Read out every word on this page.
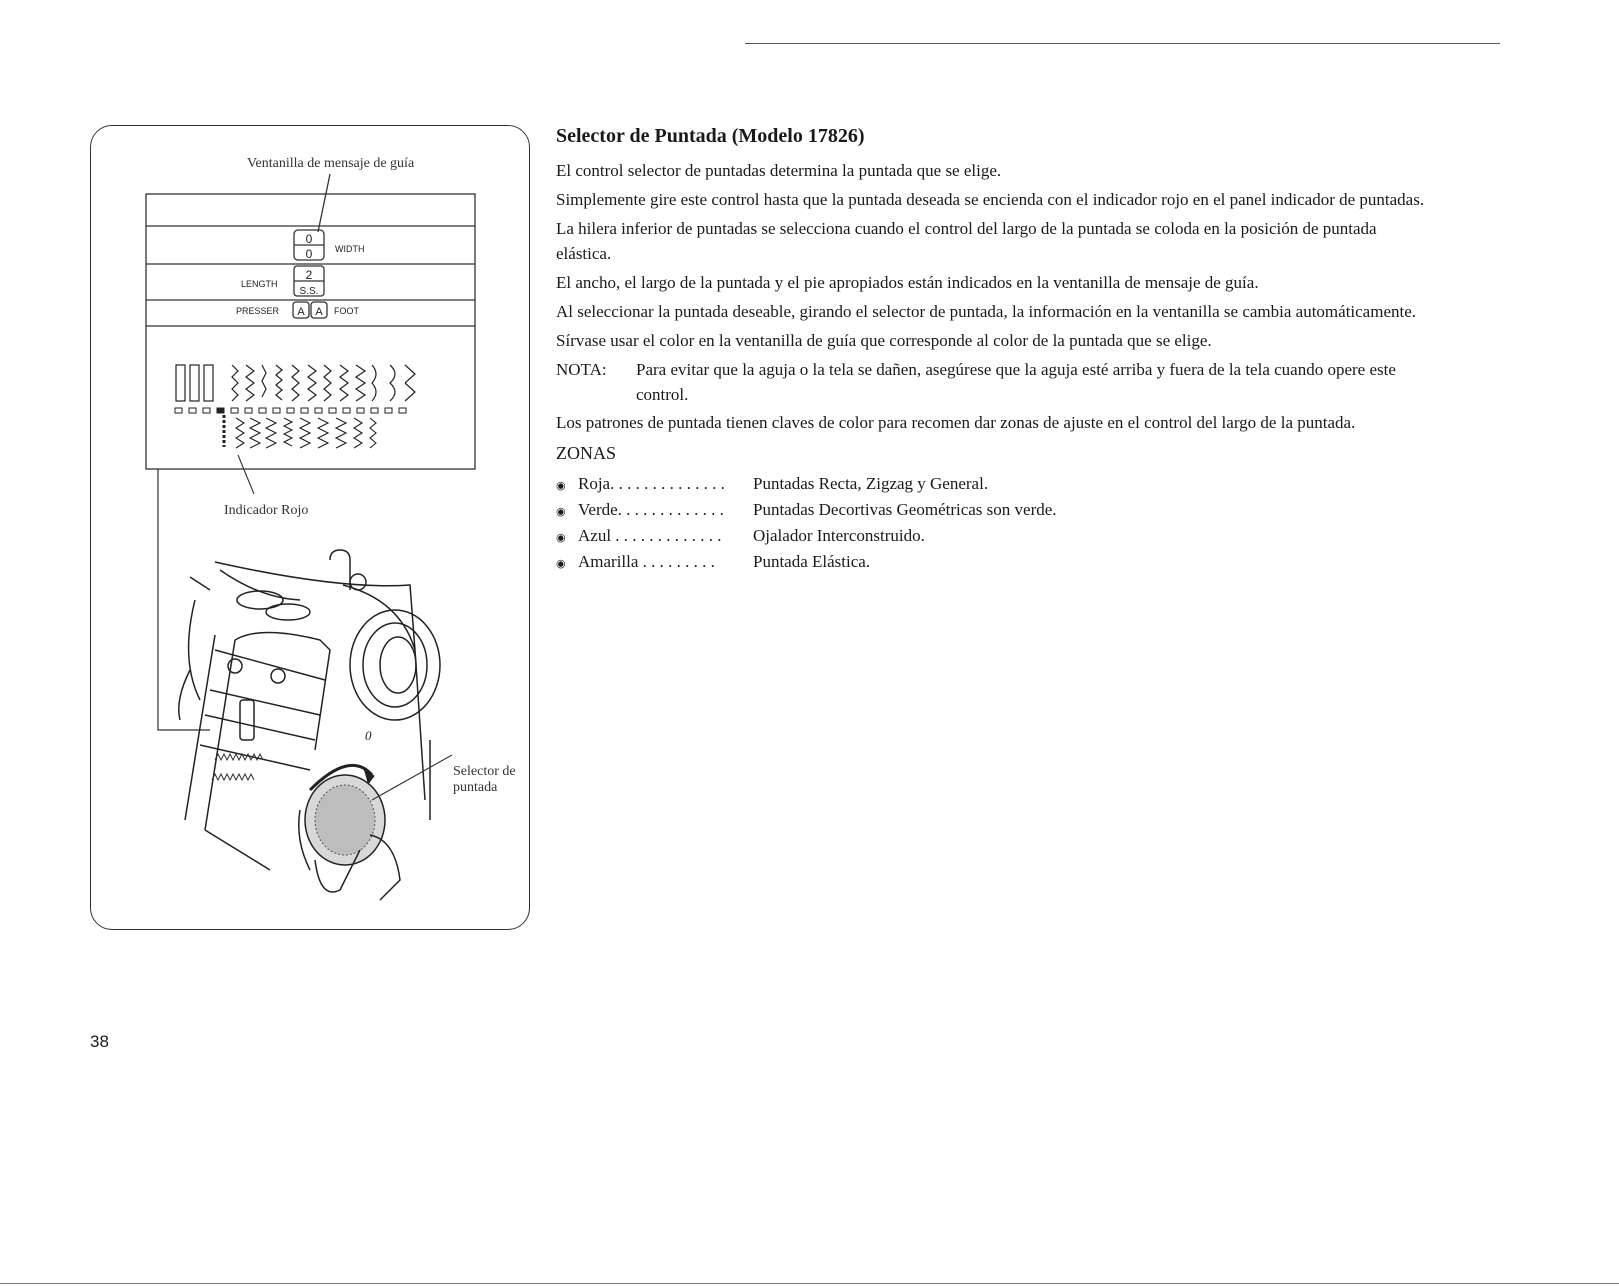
WIDTH
LENGTH
PRESSER	FOOT
0
0
2
S.S.
A A
0
Ventanilla de mensaje de guía
Indicador Rojo
Selector de puntada
Selector de Puntada (Modelo 17826)

El control selector de puntadas determina la puntada que se elige.

Simplemente gire este control hasta que la puntada deseada se encienda con el indicador rojo en el panel indicador de puntadas.

La hilera inferior de puntadas se selecciona cuando el control del largo de la puntada se coloda en la posición de puntada elástica.

El ancho, el largo de la puntada y el pie apropiados están indicados en la ventanilla de mensaje de guía.

Al seleccionar la puntada deseable, girando el selector de puntada, la información en la ventanilla se cambia automáticamente.

Sírvase usar el color en la ventanilla de guía que corresponde al color de la puntada que se elige.

NOTA:	Para evitar que la aguja o la tela se dañen, asegúrese que la aguja esté arriba y fuera de la tela cuando opere este control.

Los patrones de puntada tienen claves de color para recomen dar zonas de ajuste en el control del largo de la puntada.

ZONAS
◉ Roja. . . . . . . . . . . . . .	Puntadas Recta, Zigzag y General.
◉ Verde. . . . . . . . . . . . .	Puntadas Decortivas Geométricas son verde.
◉ Azul . . . . . . . . . . . . .	Ojalador Interconstruido.
◉ Amarilla . . . . . . . . .	Puntada Elástica.
38
